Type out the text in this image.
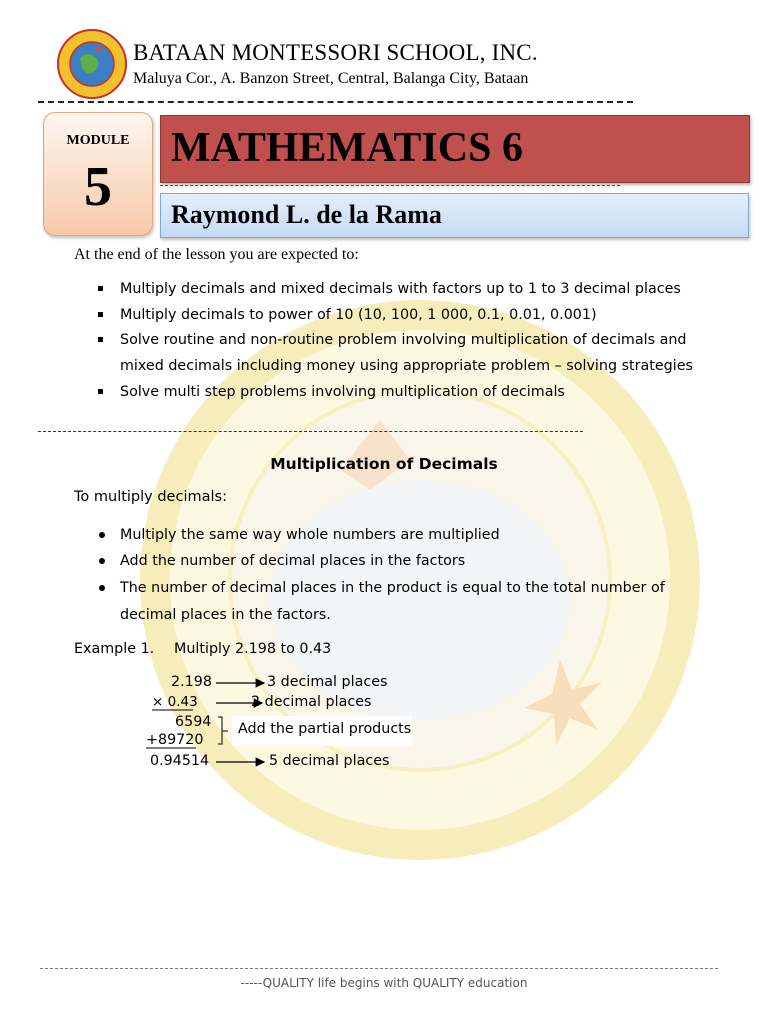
BATAAN MONTESSORI SCHOOL, INC.
Maluya Cor., A. Banzon Street, Central, Balanga City, Bataan
MODULE
5
MATHEMATICS 6
Raymond L. de la Rama
At the end of the lesson you are expected to:
Multiply decimals and mixed decimals with factors up to 1 to 3 decimal places
Multiply decimals to power of 10 (10, 100, 1 000, 0.1, 0.01, 0.001)
Solve routine and non-routine problem involving multiplication of decimals and mixed decimals including money using appropriate problem – solving strategies
Solve multi step problems involving multiplication of decimals
Multiplication of Decimals
To multiply decimals:
Multiply the same way whole numbers are multiplied
Add the number of decimal places in the factors
The number of decimal places in the product is equal to the total number of decimal places in the factors.
Example 1. Multiply 2.198 to 0.43
2.198	3 decimal places
× 0.43	2 decimal places
6594
+89720
Add the partial products
0.94514	5 decimal places
-----QUALITY life begins with QUALITY education
